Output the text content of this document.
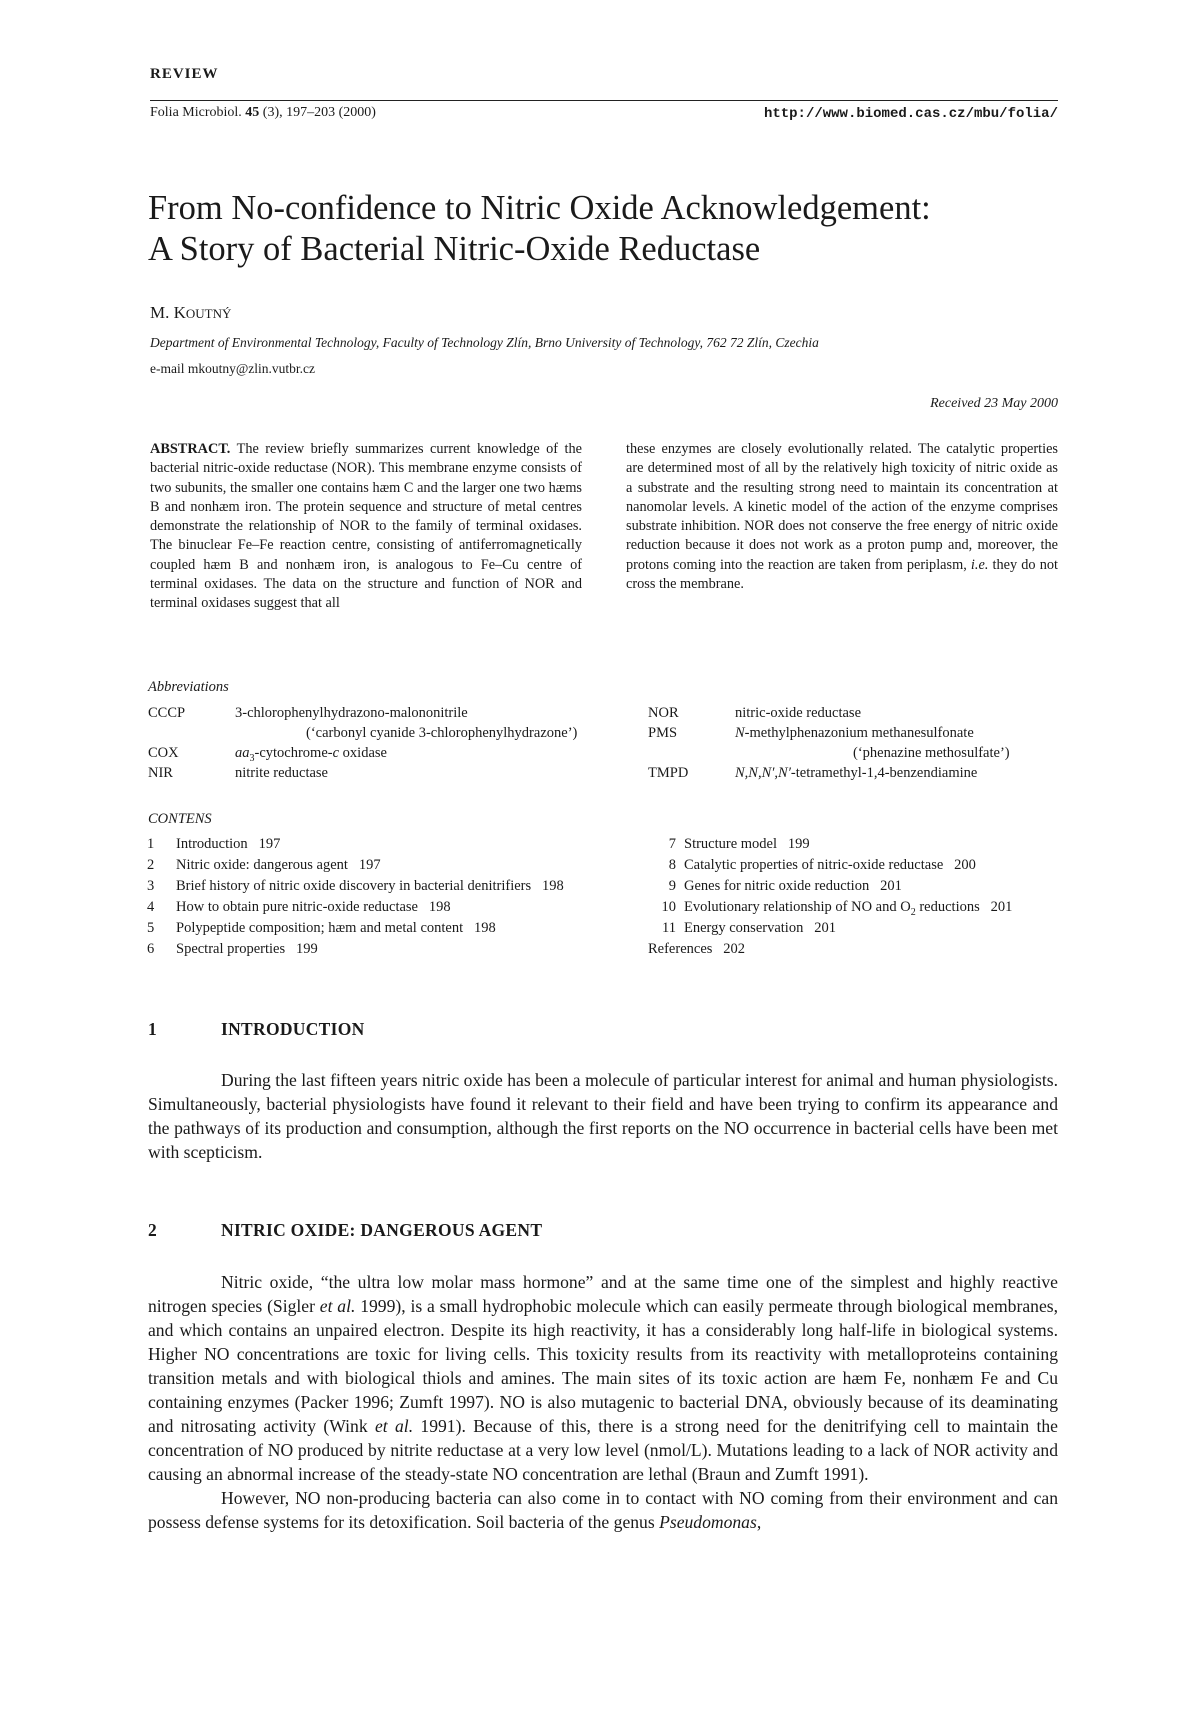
REVIEW
Folia Microbiol. 45 (3), 197–203 (2000)	http://www.biomed.cas.cz/mbu/folia/
From No-confidence to Nitric Oxide Acknowledgement:
A Story of Bacterial Nitric-Oxide Reductase
M. KOUTNÝ
Department of Environmental Technology, Faculty of Technology Zlín, Brno University of Technology, 762 72 Zlín, Czechia
e-mail mkoutny@zlin.vutbr.cz
Received 23 May 2000
ABSTRACT. The review briefly summarizes current knowledge of the bacterial nitric-oxide reductase (NOR). This membrane enzyme consists of two subunits, the smaller one contains hæm C and the larger one two hæms B and nonhæm iron. The protein sequence and structure of metal centres demonstrate the relationship of NOR to the family of terminal oxidases. The binuclear Fe–Fe reaction centre, consisting of antiferromagnetically coupled hæm B and nonhæm iron, is analogous to Fe–Cu centre of terminal oxidases. The data on the structure and function of NOR and terminal oxidases suggest that all
these enzymes are closely evolutionally related. The catalytic properties are determined most of all by the relatively high toxicity of nitric oxide as a substrate and the resulting strong need to maintain its concentration at nanomolar levels. A kinetic model of the action of the enzyme comprises substrate inhibition. NOR does not conserve the free energy of nitric oxide reduction because it does not work as a proton pump and, moreover, the protons coming into the reaction are taken from periplasm, i.e. they do not cross the membrane.
Abbreviations
CCCP	3-chlorophenylhydrazono-malononitrile
(‘carbonyl cyanide 3-chlorophenylhydrazone’)
COX	$aa_3-cytochrome-c$ oxidase
NIR	nitrite reductase
NOR	nitric-oxide reductase
PMS	N-methylphenazonium methanesulfonate
(‘phenazine methosulfate’)
TMPD	N,N,N′,N′-tetramethyl-1,4-benzendiamine
CONTENS
1 Introduction 197
2 Nitric oxide: dangerous agent 197
3 Brief history of nitric oxide discovery in bacterial denitrifiers 198
4 How to obtain pure nitric-oxide reductase 198
5 Polypeptide composition; hæm and metal content 198
6 Spectral properties 199
7 Structure model 199
8 Catalytic properties of nitric-oxide reductase 200
9 Genes for nitric oxide reduction 201
10 Evolutionary relationship of NO and $O_2$ reductions 201
11 Energy conservation 201
References 202
1	INTRODUCTION

During the last fifteen years nitric oxide has been a molecule of particular interest for animal and human physiologists. Simultaneously, bacterial physiologists have found it relevant to their field and have been trying to confirm its appearance and the pathways of its production and consumption, although the first reports on the NO occurrence in bacterial cells have been met with scepticism.

2	NITRIC OXIDE: DANGEROUS AGENT

Nitric oxide, “the ultra low molar mass hormone” and at the same time one of the simplest and highly reactive nitrogen species (Sigler et al. 1999), is a small hydrophobic molecule which can easily permeate through biological membranes, and which contains an unpaired electron. Despite its high reactivity, it has a considerably long half-life in biological systems. Higher NO concentrations are toxic for living cells. This toxicity results from its reactivity with metalloproteins containing transition metals and with biological thiols and amines. The main sites of its toxic action are hæm Fe, nonhæm Fe and Cu containing enzymes (Packer 1996; Zumft 1997). NO is also mutagenic to bacterial DNA, obviously because of its deaminating and nitrosating activity (Wink et al. 1991). Because of this, there is a strong need for the denitrifying cell to maintain the concentration of NO produced by nitrite reductase at a very low level (nmol/L). Mutations leading to a lack of NOR activity and causing an abnormal increase of the steady-state NO concentration are lethal (Braun and Zumft 1991).

However, NO non-producing bacteria can also come in to contact with NO coming from their environment and can possess defense systems for its detoxification. Soil bacteria of the genus Pseudomonas,
